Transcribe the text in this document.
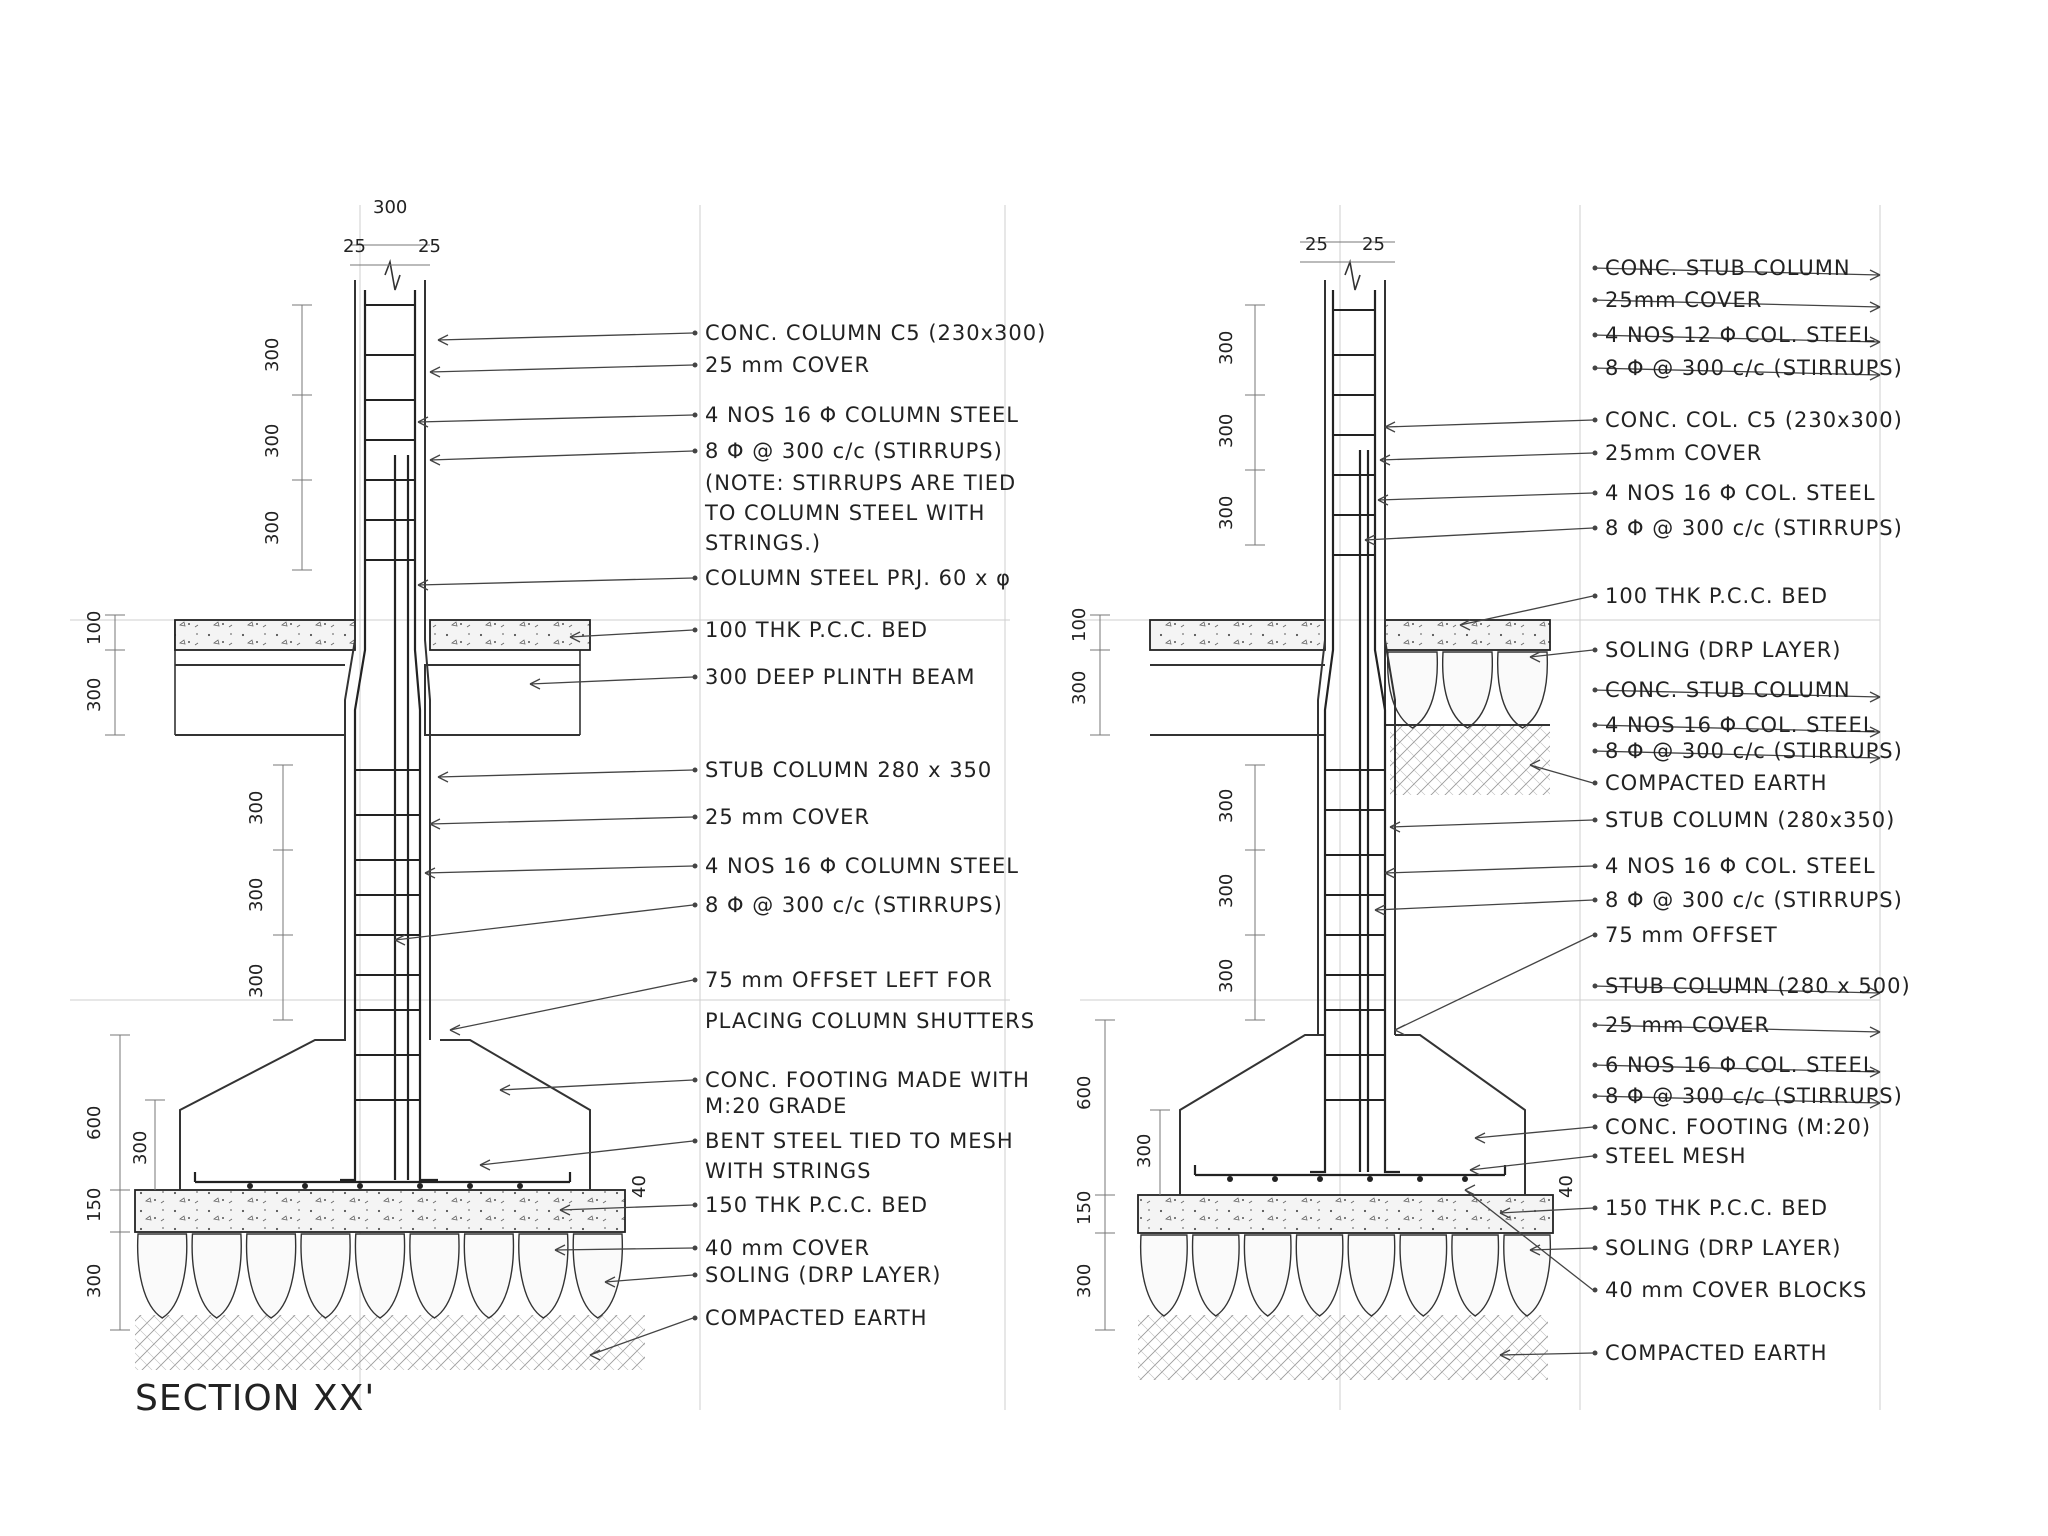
300
25	25
300
300
300
100
300
300
300
300
600
300
150
300
40
CONC. COLUMN C5 (230x300)
25 mm COVER
4 NOS 16 Φ COLUMN STEEL
8 Φ @ 300 c/c (STIRRUPS)
(NOTE: STIRRUPS ARE TIED
TO COLUMN STEEL WITH
STRINGS.)
COLUMN STEEL PRJ. 60 x φ
100 THK P.C.C. BED
300 DEEP PLINTH BEAM
STUB COLUMN 280 x 350
25 mm COVER
4 NOS 16 Φ COLUMN STEEL
8 Φ @ 300 c/c (STIRRUPS)
75 mm OFFSET LEFT FOR
PLACING COLUMN SHUTTERS
CONC. FOOTING MADE WITH
M:20 GRADE
BENT STEEL TIED TO MESH
WITH STRINGS
150 THK P.C.C. BED
40 mm COVER
SOLING (DRP LAYER)
COMPACTED EARTH
SECTION XX'
25 25
300
300
300
100
300
300
300
300
600
300
150
300
40
CONC. STUB COLUMN
25mm COVER
4 NOS 12 Φ COL. STEEL
8 Φ @ 300 c/c (STIRRUPS)
CONC. COL. C5 (230x300)
25mm COVER
4 NOS 16 Φ COL. STEEL
8 Φ @ 300 c/c (STIRRUPS)
100 THK P.C.C. BED
SOLING (DRP LAYER)
CONC. STUB COLUMN
4 NOS 16 Φ COL. STEEL
8 Φ @ 300 c/c (STIRRUPS)
COMPACTED EARTH
STUB COLUMN (280x350)
4 NOS 16 Φ COL. STEEL
8 Φ @ 300 c/c (STIRRUPS)
75 mm OFFSET
STUB COLUMN (280 x 500)
25 mm COVER
6 NOS 16 Φ COL. STEEL
8 Φ @ 300 c/c (STIRRUPS)
CONC. FOOTING (M:20)
STEEL MESH
150 THK P.C.C. BED
SOLING (DRP LAYER)
40 mm COVER BLOCKS
COMPACTED EARTH
